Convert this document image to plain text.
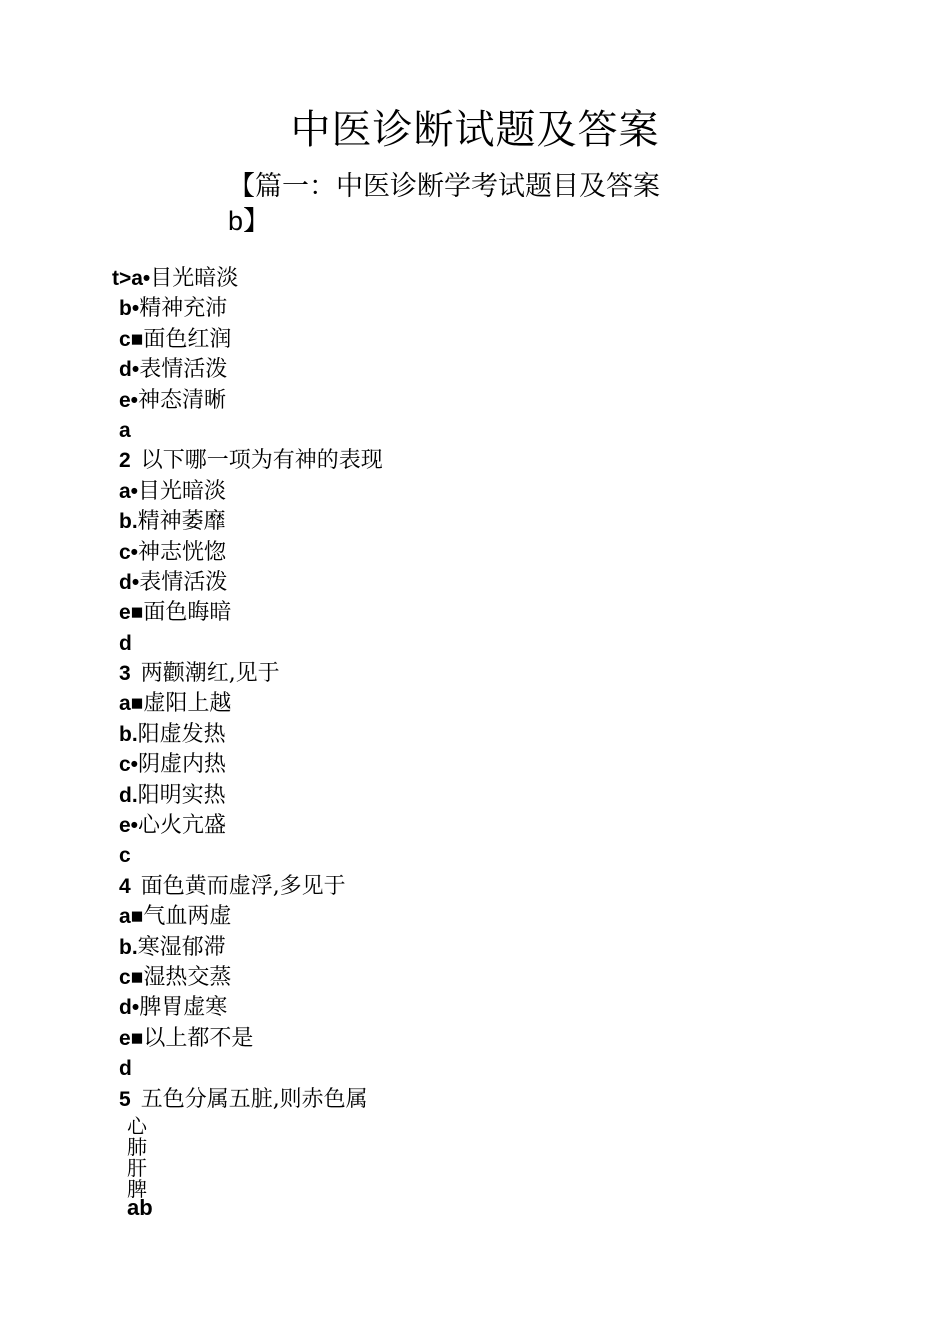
中医诊断试题及答案
【篇一：中医诊断学考试题目及答案
b】
t>a•目光暗淡
b•精神充沛
c■面色红润
d•表情活泼
e•神态清晰
a
2 以下哪一项为有神的表现
a•目光暗淡
b.精神萎靡
c•神志恍惚
d•表情活泼
e■面色晦暗
d
3 两颧潮红,见于
a■虚阳上越
b.阳虚发热
c•阴虚内热
d.阳明实热
e•心火亢盛
c
4 面色黄而虚浮,多见于
a■气血两虚
b.寒湿郁滞
c■湿热交蒸
d•脾胃虚寒
e■以上都不是
d
5 五色分属五脏,则赤色属
心
肺
肝
脾
ab
